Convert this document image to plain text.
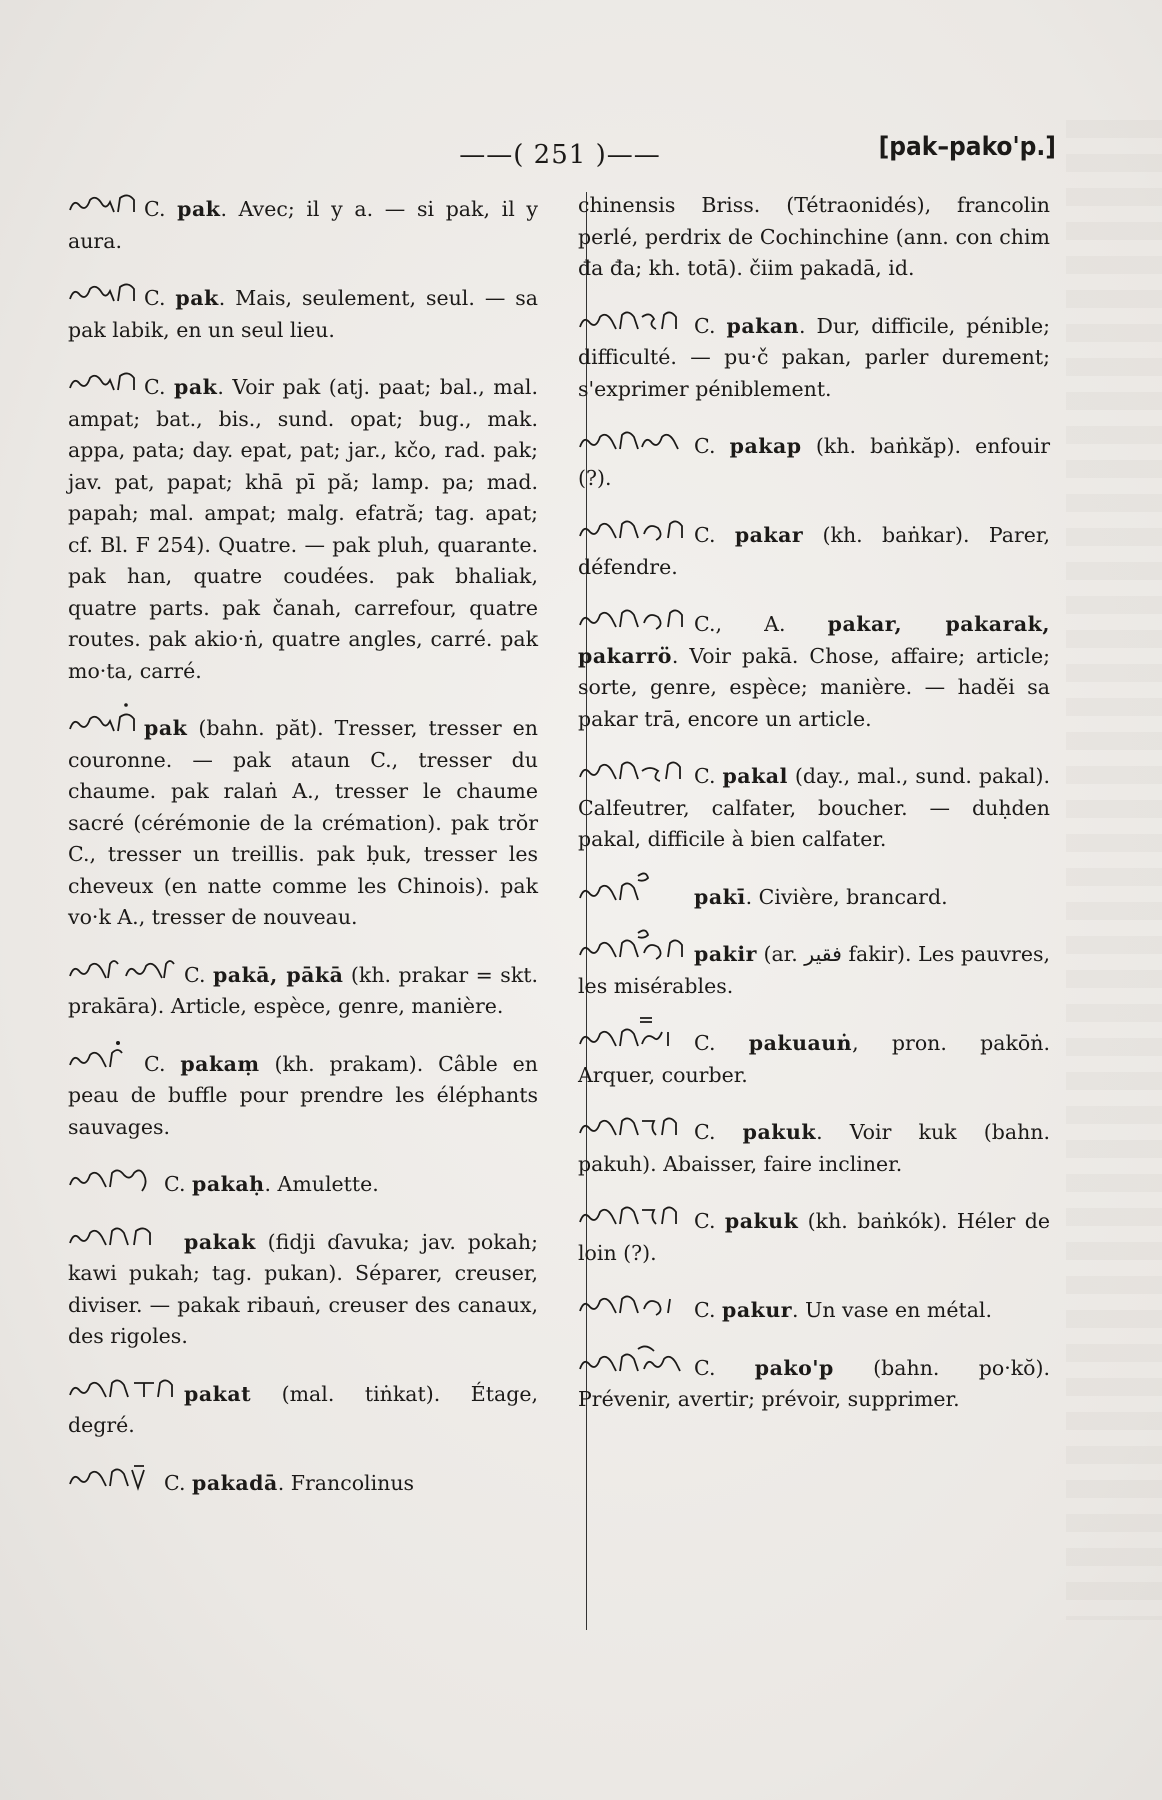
——( 251 )——	[pak–pako'p.]
C. pak. Avec; il y a. — si pak, il y aura.
C. pak. Mais, seulement, seul. — sa pak labik, en un seul lieu.
C. pak. Voir pak (atj. paat; bal., mal. ampat; bat., bis., sund. opat; bug., mak. appa, pata; day. epat, pat; jar., kčo, rad. pak; jav. pat, papat; khā pī pă; lamp. pa; mad. papah; mal. ampat; malg. efatră; tag. apat; cf. Bl. F 254). Quatre. — pak pluh, quarante. pak han, quatre coudées. pak bhaliak, quatre parts. pak čanah, carrefour, quatre routes. pak akio·ṅ, quatre angles, carré. pak mo·ta, carré.
pak (bahn. păt). Tresser, tresser en couronne. — pak ataun C., tresser du chaume. pak ralaṅ A., tresser le chaume sacré (cérémonie de la crémation). pak trŏr C., tresser un treillis. pak ḅuk, tresser les cheveux (en natte comme les Chinois). pak vo·k A., tresser de nouveau.
C. pakā, pākā (kh. prakar = skt. prakāra). Article, espèce, genre, manière.
C. pakaṃ (kh. prakam). Câble en peau de buffle pour prendre les éléphants sauvages.
C. pakaḥ. Amulette.
pakak (fidji ɗavuka; jav. pokah; kawi pukah; tag. pukan). Séparer, creuser, diviser. — pakak ribauṅ, creuser des canaux, des rigoles.
pakat (mal. tiṅkat). Étage, degré.
C. pakadā. Francolinus
chinensis Briss. (Tétraonidés), francolin perlé, perdrix de Cochinchine (ann. con chim đa đa; kh. totā). čiim pakadā, id.
C. pakan. Dur, difficile, pénible; difficulté. — pu·č pakan, parler durement; s'exprimer péniblement.
C. pakap (kh. baṅkăp). enfouir (?).
C. pakar (kh. baṅkar). Parer, défendre.
C., A. pakar, pakarak, pakarrö. Voir pakā. Chose, affaire; article; sorte, genre, espèce; manière. — hadĕi sa pakar trā, encore un article.
C. pakal (day., mal., sund. pakal). Calfeutrer, calfater, boucher. — duḥden pakal, difficile à bien calfater.
pakī. Civière, brancard.
pakir (ar. فقير fakir). Les pauvres, les misérables.
C. pakuauṅ, pron. pakōṅ. Arquer, courber.
C. pakuk. Voir kuk (bahn. pakuh). Abaisser, faire incliner.
C. pakuk (kh. baṅkók). Héler de loin (?).
C. pakur. Un vase en métal.
C. pako'p (bahn. po·kŏ). Prévenir, avertir; prévoir, supprimer.
